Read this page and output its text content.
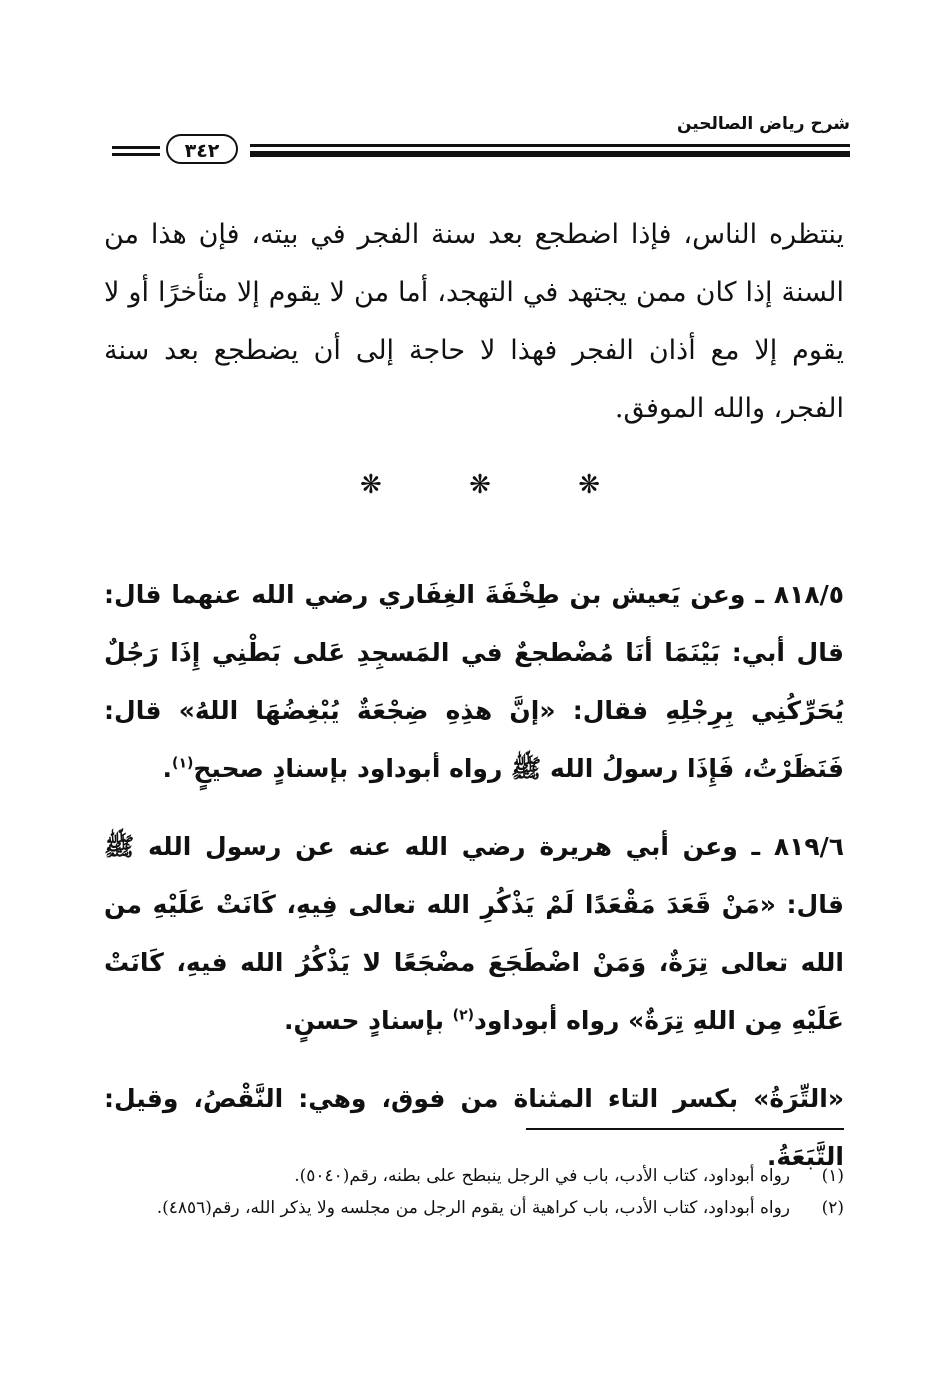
شرح رياض الصالحين
٣٤٢
ينتظره الناس، فإذا اضطجع بعد سنة الفجر في بيته، فإن هذا من السنة إذا كان ممن يجتهد في التهجد، أما من لا يقوم إلا متأخرًا أو لا يقوم إلا مع أذان الفجر فهذا لا حاجة إلى أن يضطجع بعد سنة الفجر، والله الموفق.
❋	❋	❋
٨١٨/٥ ـ وعن يَعيش بن طِخْفَةَ الغِفَاري رضي الله عنهما قال: قال أبي: بَيْنَمَا أنَا مُضْطجعٌ في المَسجِدِ عَلى بَطْنِي إِذَا رَجُلٌ يُحَرِّكُنِي بِرِجْلِهِ فقال: «إنَّ هذِهِ ضِجْعَةٌ يُبْغِضُهَا اللهُ» قال: فَنَظَرْتُ، فَإِذَا رسولُ الله ﷺ رواه أبوداود بإسنادٍ صحيحٍ$^{(١)}$.
٨١٩/٦ ـ وعن أبي هريرة رضي الله عنه عن رسول الله ﷺ قال: «مَنْ قَعَدَ مَقْعَدًا لَمْ يَذْكُرِ الله تعالى فِيهِ، كَانَتْ عَلَيْهِ من الله تعالى تِرَةٌ، وَمَنْ اضْطَجَعَ مضْجَعًا لا يَذْكُرُ الله فيهِ، كَانَتْ عَلَيْهِ مِن اللهِ تِرَةٌ» رواه أبوداود$^{(٢)}$ بإسنادٍ حسنٍ.
«التِّرَةُ» بكسر التاء المثناة من فوق، وهي: النَّقْصُ، وقيل: التَّبَعَةُ.
(١)
رواه أبوداود، كتاب الأدب، باب في الرجل ينبطح على بطنه، رقم(٥٠٤٠).
(٢)
رواه أبوداود، كتاب الأدب، باب كراهية أن يقوم الرجل من مجلسه ولا يذكر الله، رقم(٤٨٥٦).
